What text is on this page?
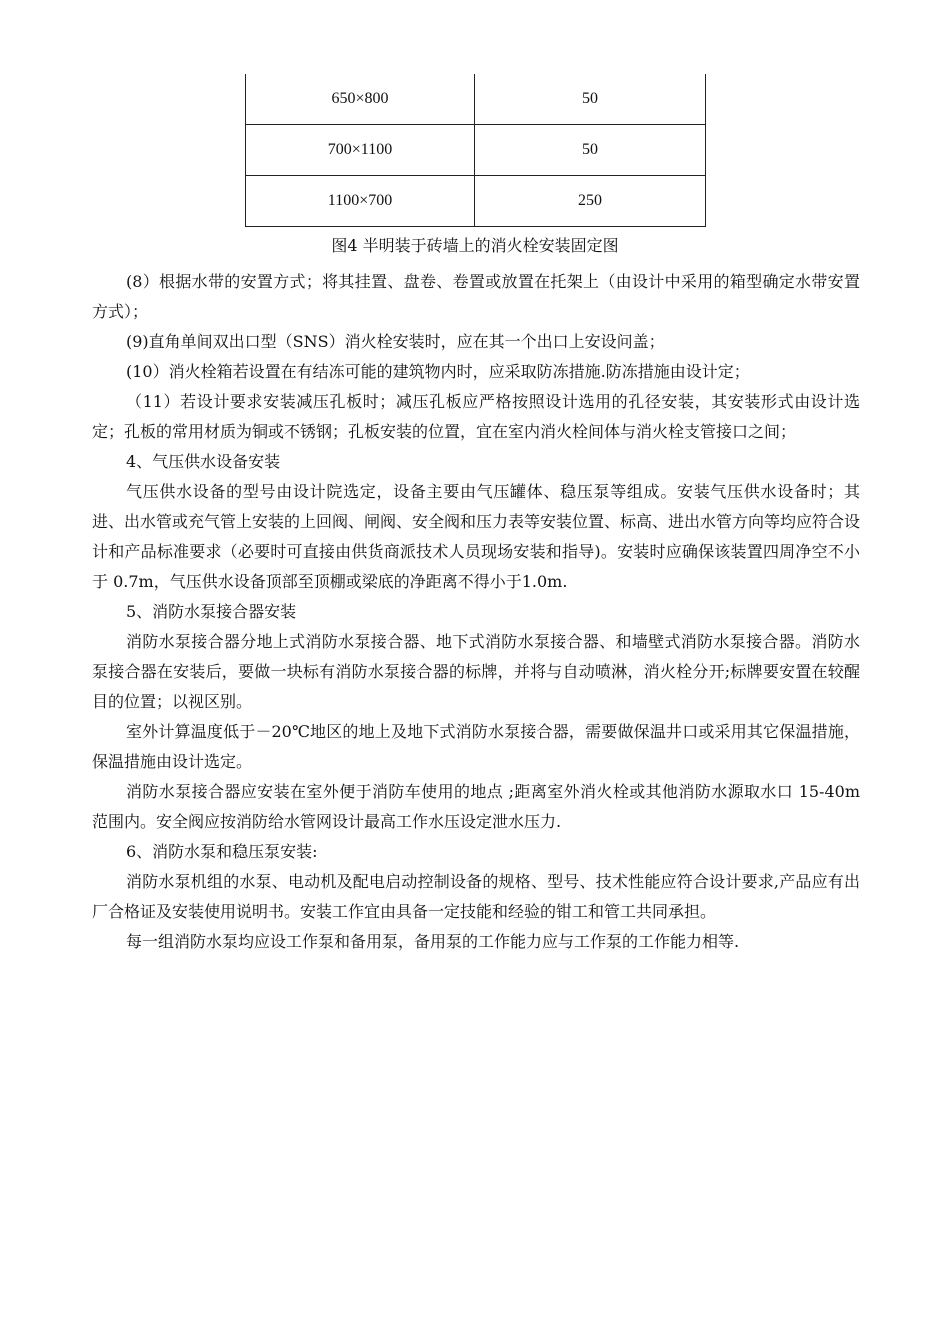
650×800	50
700×1100	50
1100×700	250
图4 半明装于砖墙上的消火栓安装固定图

(8）根据水带的安置方式；将其挂置、盘卷、卷置或放置在托架上（由设计中采用的箱型确定水带安置方式）；

(9)直角单间双出口型（SNS）消火栓安装时，应在其一个出口上安设问盖；

(10）消火栓箱若设置在有结冻可能的建筑物内时，应采取防冻措施.防冻措施由设计定；

（11）若设计要求安装减压孔板时；减压孔板应严格按照设计选用的孔径安装，其安装形式由设计选定；孔板的常用材质为铜或不锈钢；孔板安装的位置，宜在室内消火栓间体与消火栓支管接口之间；

4、气压供水设备安装

气压供水设备的型号由设计院选定，设备主要由气压罐体、稳压泵等组成。安装气压供水设备时；其进、出水管或充气管上安装的上回阀、闸阀、安全阀和压力表等安装位置、标高、进出水管方向等均应符合设计和产品标准要求（必要时可直接由供货商派技术人员现场安装和指导)。安装时应确保该装置四周净空不小于 0.7m，气压供水设备顶部至顶棚或梁底的净距离不得小于1.0m.

5、消防水泵接合器安装

消防水泵接合器分地上式消防水泵接合器、地下式消防水泵接合器、和墙壁式消防水泵接合器。消防水泵接合器在安装后，要做一块标有消防水泵接合器的标牌，并将与自动喷淋，消火栓分开;标牌要安置在较醒目的位置；以视区别。

室外计算温度低于－20℃地区的地上及地下式消防水泵接合器，需要做保温井口或采用其它保温措施，保温措施由设计选定。

消防水泵接合器应安装在室外便于消防车使用的地点 ;距离室外消火栓或其他消防水源取水口 15-40m 范围内。安全阀应按消防给水管网设计最高工作水压设定泄水压力.

6、消防水泵和稳压泵安装:

消防水泵机组的水泵、电动机及配电启动控制设备的规格、型号、技术性能应符合设计要求,产品应有出厂合格证及安装使用说明书。安装工作宜由具备一定技能和经验的钳工和管工共同承担。

每一组消防水泵均应设工作泵和备用泵，备用泵的工作能力应与工作泵的工作能力相等.
